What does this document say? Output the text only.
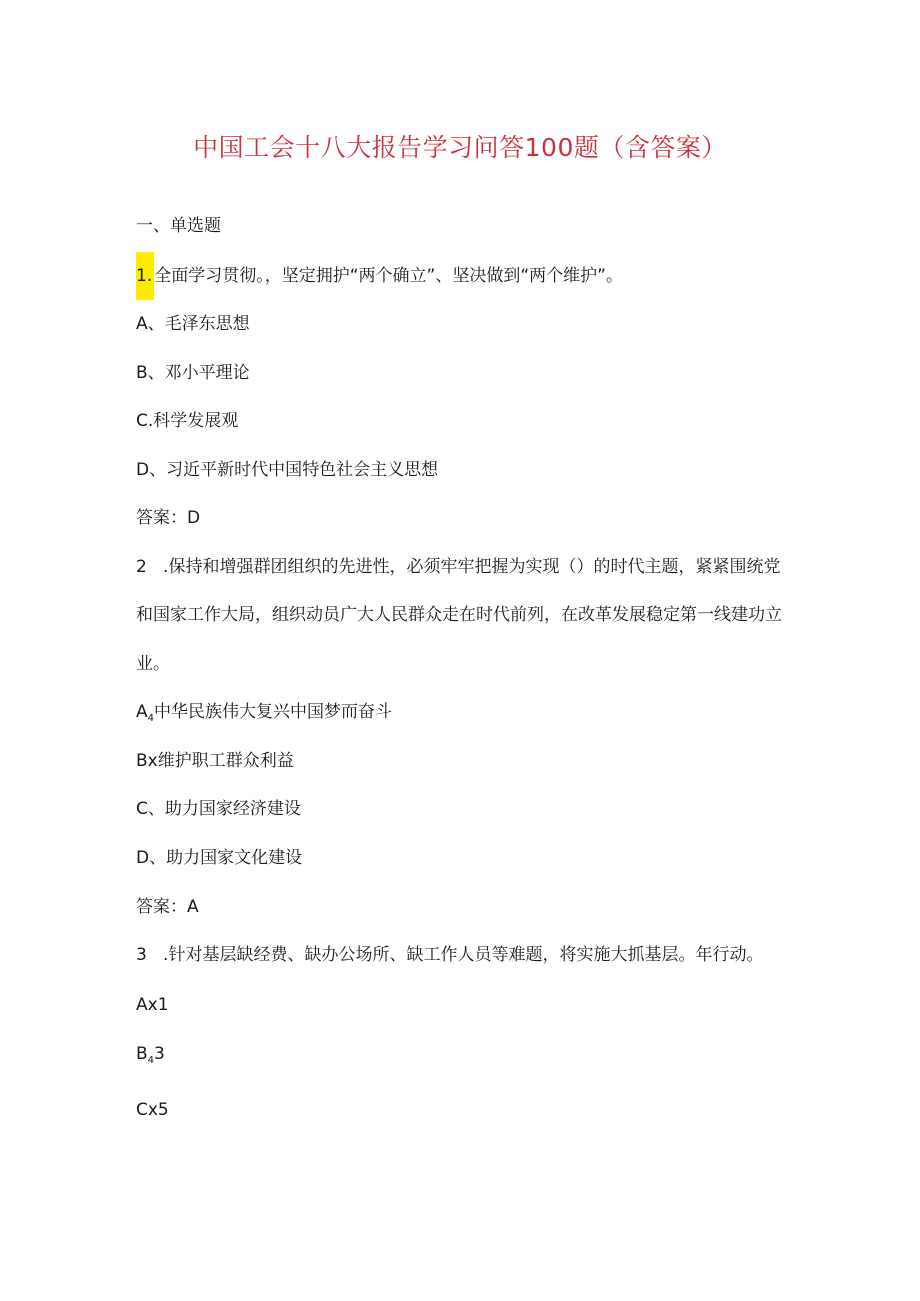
中国工会十八大报告学习问答100题（含答案）
一、单选题
1. 全面学习贯彻。，坚定拥护“两个确立”、坚决做到“两个维护”。
A、毛泽东思想
B、邓小平理论
C.科学发展观
D、习近平新时代中国特色社会主义思想
答案：D
2 .保持和增强群团组织的先进性，必须牢牢把握为实现（）的时代主题，紧紧围统党
和国家工作大局，组织动员广大人民群众走在时代前列，在改革发展稳定第一线建功立
业。
$A_4$中华民族伟大复兴中国梦而奋斗
Bx维护职工群众利益
C、助力国家经济建设
D、助力国家文化建设
答案：A
3 .针对基层缺经费、缺办公场所、缺工作人员等难题，将实施大抓基层。年行动。
Ax1
$B_43$
Cx5
